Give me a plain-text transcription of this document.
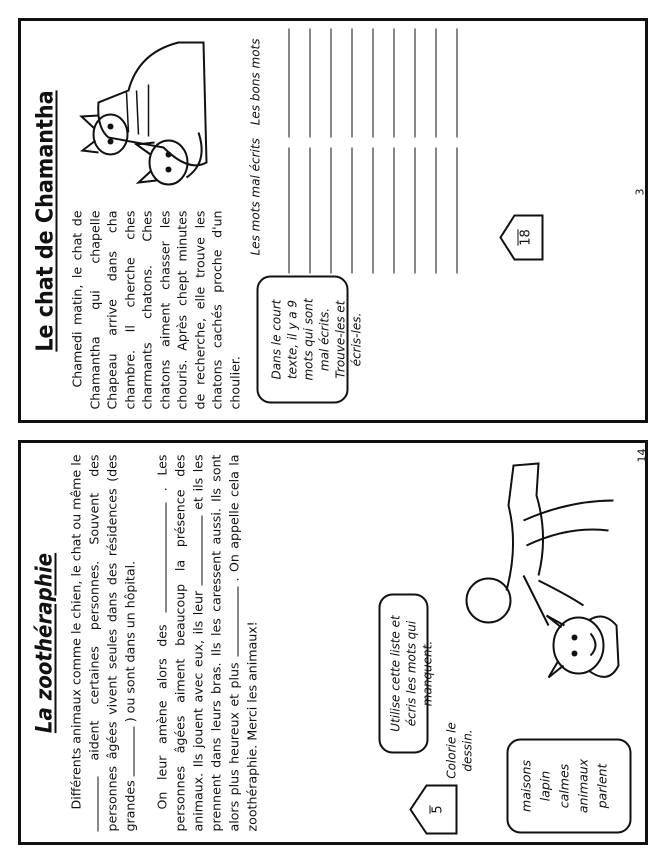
Le chat de Chamantha Chamedi matin, le chat de Chamantha qui chapelle Chapeau arrive dans cha chambre. Il cherche ches charmants chatons. Ches chatons aiment chasser les chouris. Après chept minutes de recherche, elle trouve les chatons cachés proche d'un choulier.

Dans le court texte, il y a 9 mots qui sont mal écrits. Trouve-les et écris-les.
Les mots mal écrits
Les bons mots
18
3
La zoothéraphie Différents animaux comme le chien, le chat ou même le aident certaines personnes. Souvent des personnes âgées vivent seules dans des résidences (des grandes  ) ou sont dans un hôpital. On leur amène alors des  . Les personnes âgées aiment beaucoup la présence des animaux. Ils jouent avec eux, ils leur  et ils les prennent dans leurs bras. Ils les caressent aussi. Ils sont alors plus heureux et plus  . On appelle cela la zoothéraphie. Merci les animaux!	Utilise cette liste et écris les mots qui manquent.
Colorie le dessin.
maisons lapin calmes animaux parlent
5
14
